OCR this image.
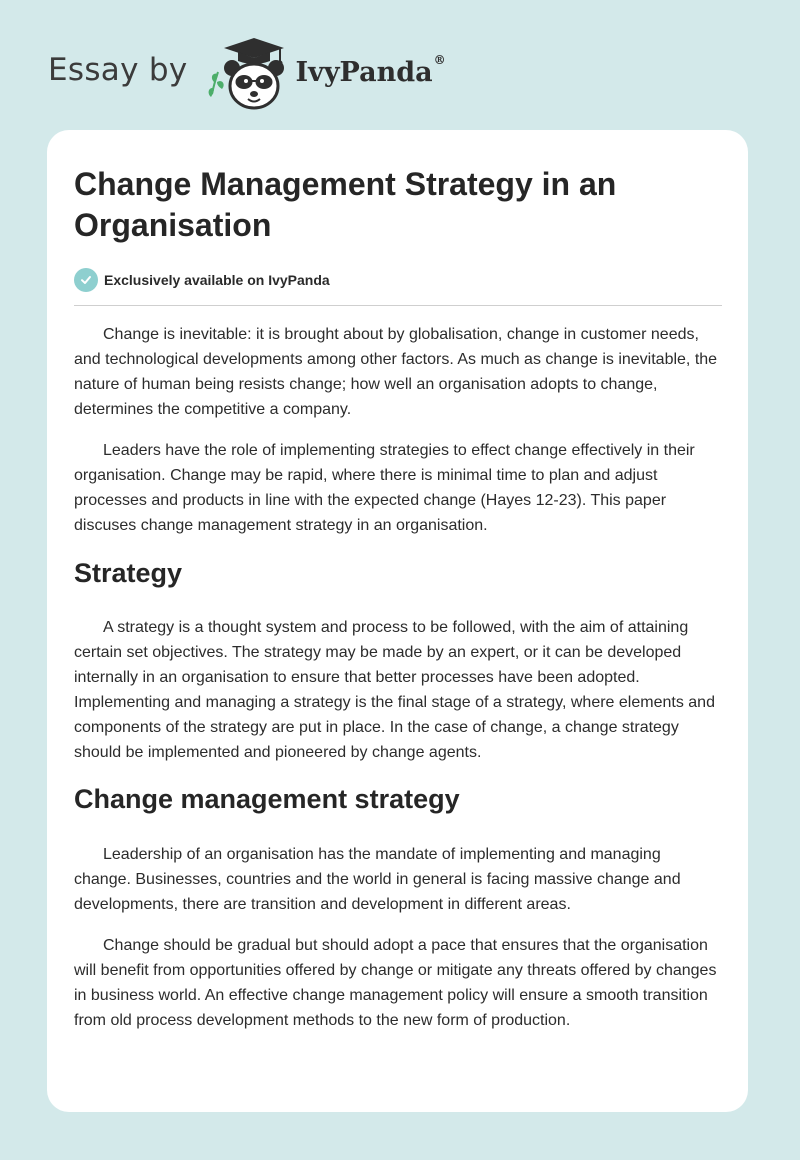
Essay by	IvyPanda®
Change Management Strategy in an Organisation
Exclusively available on IvyPanda

Change is inevitable: it is brought about by globalisation, change in customer needs, and technological developments among other factors. As much as change is inevitable, the nature of human being resists change; how well an organisation adopts to change, determines the competitive a company.

Leaders have the role of implementing strategies to effect change effectively in their organisation. Change may be rapid, where there is minimal time to plan and adjust processes and products in line with the expected change (Hayes 12-23). This paper discuses change management strategy in an organisation.

Strategy

A strategy is a thought system and process to be followed, with the aim of attaining certain set objectives. The strategy may be made by an expert, or it can be developed internally in an organisation to ensure that better processes have been adopted. Implementing and managing a strategy is the final stage of a strategy, where elements and components of the strategy are put in place. In the case of change, a change strategy should be implemented and pioneered by change agents.

Change management strategy

Leadership of an organisation has the mandate of implementing and managing change. Businesses, countries and the world in general is facing massive change and developments, there are transition and development in different areas.

Change should be gradual but should adopt a pace that ensures that the organisation will benefit from opportunities offered by change or mitigate any threats offered by changes in business world. An effective change management policy will ensure a smooth transition from old process development methods to the new form of production.
